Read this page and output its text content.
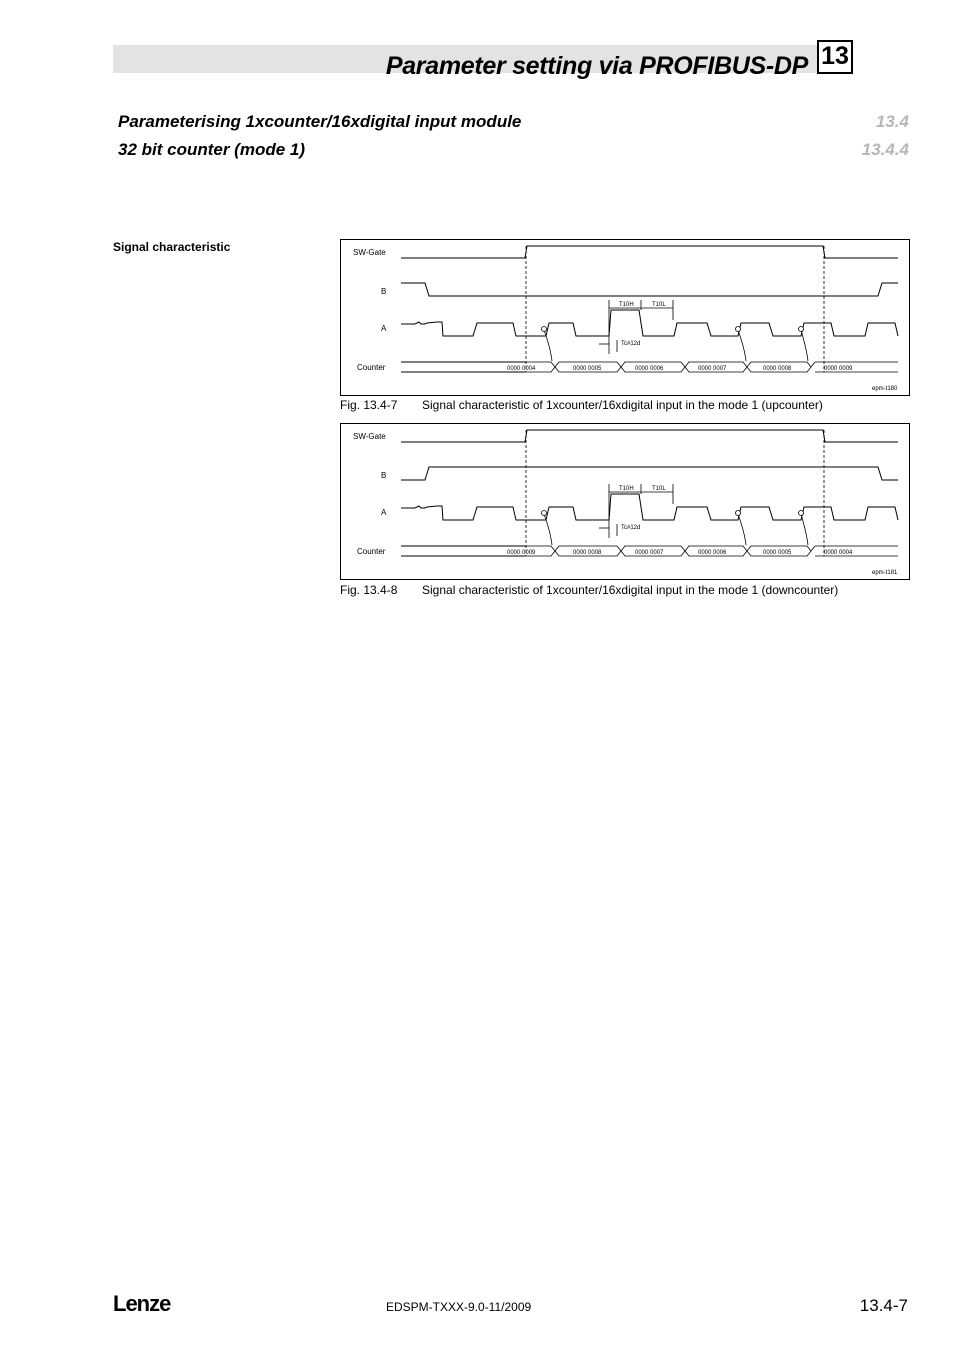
Parameter setting via PROFIBUS-DP 13
Parameterising 1xcounter/16xdigital input module	13.4
32 bit counter (mode 1)	13.4.4
Signal characteristic	SW-Gate
B
A
Counter
T10H	T10L
Tc#12d
0000 0004	0000 0005	0000 0006	0000 0007	0000 0008	0000 0009
epm-t180
Fig. 13.4-7 Signal characteristic of 1xcounter/16xdigital input in the mode 1 (upcounter)
SW-Gate
B
A
Counter
T10H	T10L
Tc#12d
0000 0009	0000 0008	0000 0007	0000 0006	0000 0005	0000 0004
epm-t181
Fig. 13.4-8 Signal characteristic of 1xcounter/16xdigital input in the mode 1 (downcounter)
Lenze	EDSPM-TXXX-9.0-11/2009	13.4-7
